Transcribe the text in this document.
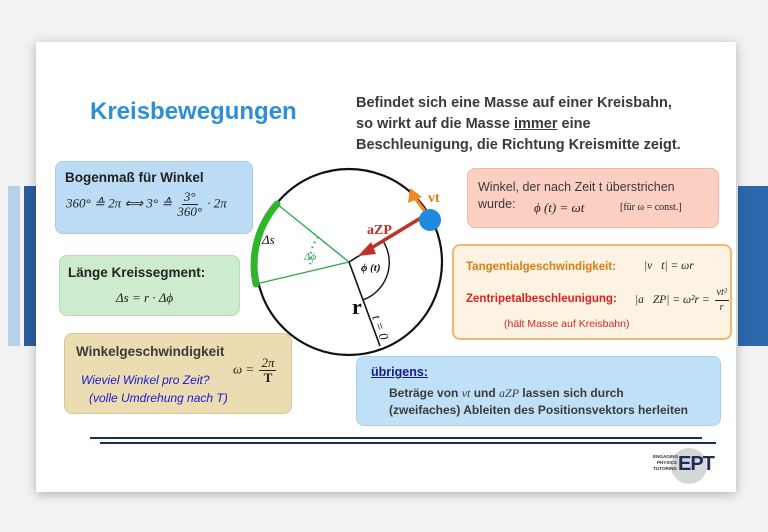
Kreisbewegungen	Befindet sich eine Masse auf einer Kreisbahn,
so wirkt auf die Masse immer eine
Beschleunigung, die Richtung Kreismitte zeigt.
Bogenmaß für Winkel
360° ≙ 2π ⟺ 3° ≙ $\frac{3^\circ}{360^\circ} \cdot 2\pi$
Länge Kreissegment:
Δs = r · Δϕ
Winkelgeschwindigkeit
$\omega = \frac{2\pi}{T}$
Wieviel Winkel pro Zeit?
(volle Umdrehung nach T)
Winkel, der nach Zeit t überstrichen
wurde: ϕ (t) = ωt	[für ω = const.]
Tangentialgeschwindigkeit: |v⃗t| = ωr
Zentripetalbeschleunigung: |a⃗ZP| = $\omega^2r = \frac{\text{vt²}}{r}$
(hält Masse auf Kreisbahn)
übrigens:
Beträge von vt und aZP lassen sich durch
(zweifaches) Ableiten des Positionsvektors herleiten
Δs
Δϕ
ϕ (t)
r
t = 0
aZP
vt
ENGAGING
PHYSICS
TUTORING EPT
